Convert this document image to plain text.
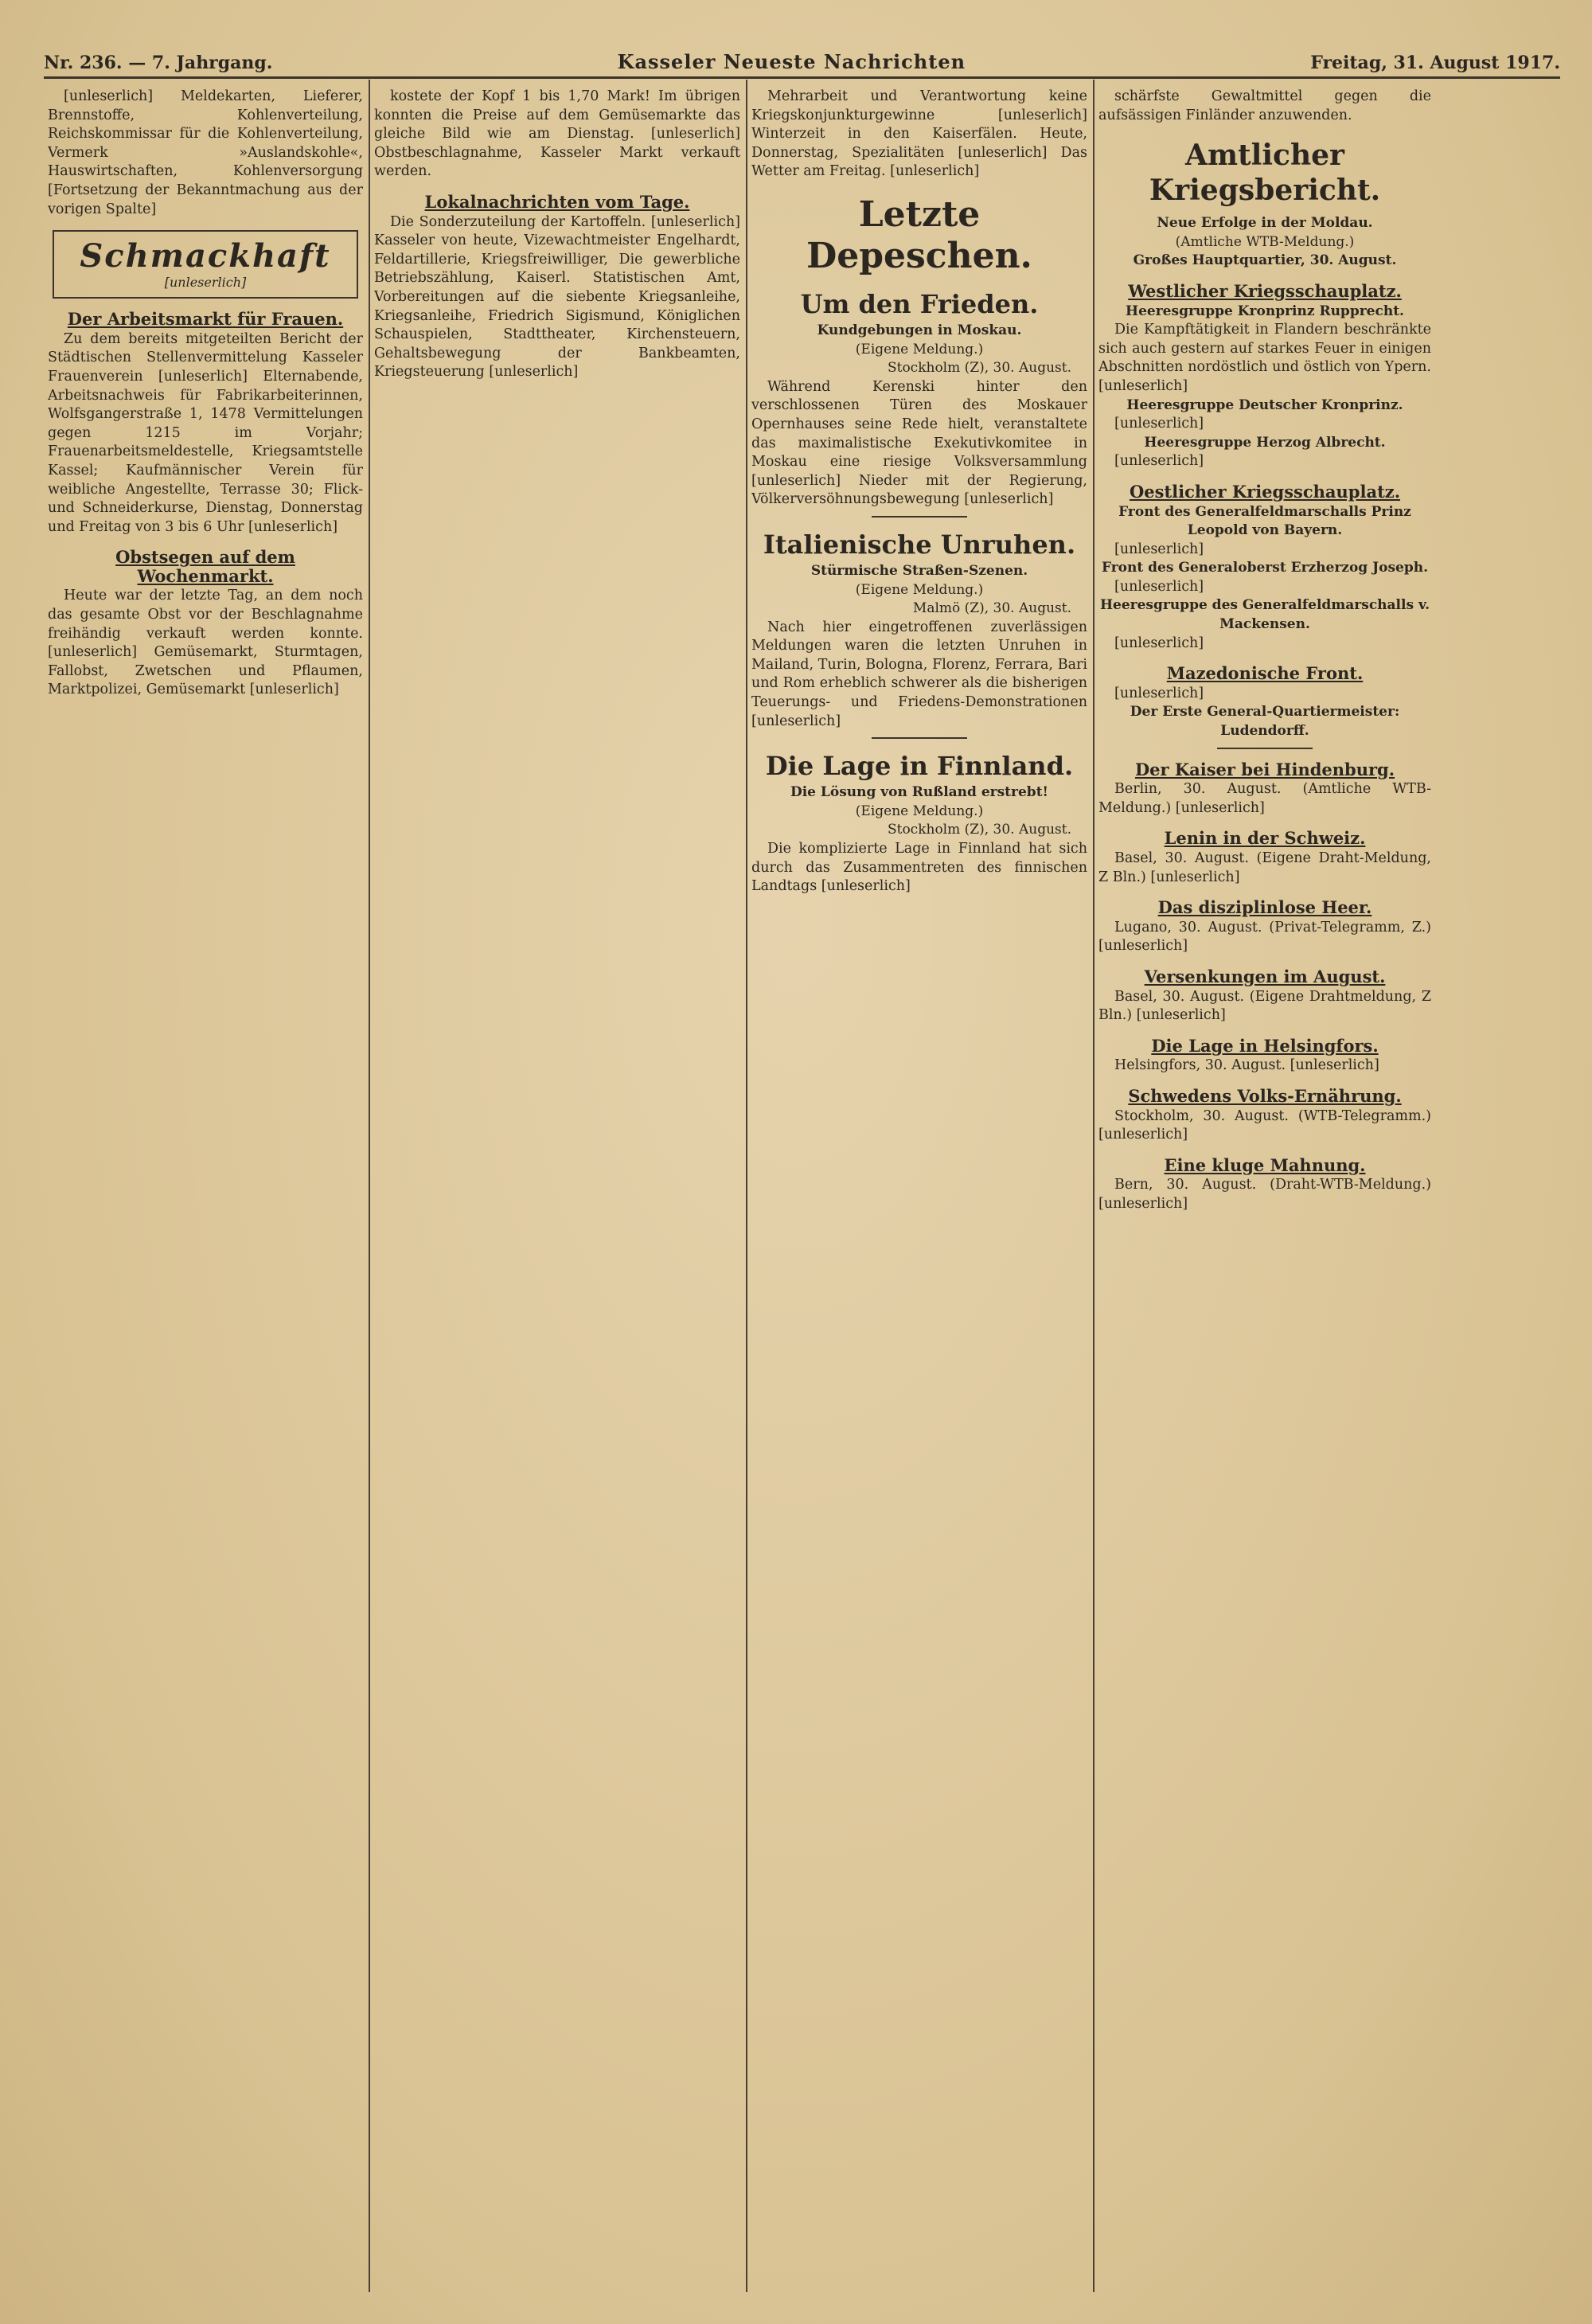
Nr. 236. — 7. Jahrgang.	Kasseler Neueste Nachrichten	Freitag, 31. August 1917.

[unleserlich] Meldekarten, Lieferer, Brennstoffe, Kohlenverteilung, Reichskommissar für die Kohlenverteilung, Vermerk »Auslandskohle«, Hauswirtschaften, Kohlenversorgung [Fortsetzung der Bekanntmachung aus der vorigen Spalte]

Schmackhaft
[unleserlich]
Der Arbeitsmarkt für Frauen.

Zu dem bereits mitgeteilten Bericht der Städtischen Stellenvermittelung Kasseler Frauenverein [unleserlich] Elternabende, Arbeitsnachweis für Fabrikarbeiterinnen, Wolfsgangerstraße 1, 1478 Vermittelungen gegen 1215 im Vorjahr; Frauenarbeitsmeldestelle, Kriegsamtstelle Kassel; Kaufmännischer Verein für weibliche Angestellte, Terrasse 30; Flick- und Schneiderkurse, Dienstag, Donnerstag und Freitag von 3 bis 6 Uhr [unleserlich]

Obstsegen auf dem Wochenmarkt.

Heute war der letzte Tag, an dem noch das gesamte Obst vor der Beschlagnahme freihändig verkauft werden konnte. [unleserlich] Gemüsemarkt, Sturmtagen, Fallobst, Zwetschen und Pflaumen, Marktpolizei, Gemüsemarkt [unleserlich]

kostete der Kopf 1 bis 1,70 Mark! Im übrigen konnten die Preise auf dem Gemüsemarkte das gleiche Bild wie am Dienstag. [unleserlich] Obstbeschlagnahme, Kasseler Markt verkauft werden.

Lokalnachrichten vom Tage.

Die Sonderzuteilung der Kartoffeln. [unleserlich] Kasseler von heute, Vizewachtmeister Engelhardt, Feldartillerie, Kriegsfreiwilliger, Die gewerbliche Betriebszählung, Kaiserl. Statistischen Amt, Vorbereitungen auf die siebente Kriegsanleihe, Kriegsanleihe, Friedrich Sigismund, Königlichen Schauspielen, Stadttheater, Kirchensteuern, Gehaltsbewegung der Bankbeamten, Kriegsteuerung [unleserlich]

Mehrarbeit und Verantwortung keine Kriegskonjunkturgewinne [unleserlich] Winterzeit in den Kaiserfälen. Heute, Donnerstag, Spezialitäten [unleserlich] Das Wetter am Freitag. [unleserlich]

Letzte Depeschen.
Um den Frieden.
Kundgebungen in Moskau.
(Eigene Meldung.)
Stockholm (Z), 30. August.

Während Kerenski hinter den verschlossenen Türen des Moskauer Opernhauses seine Rede hielt, veranstaltete das maximalistische Exekutivkomitee in Moskau eine riesige Volksversammlung [unleserlich] Nieder mit der Regierung, Völkerversöhnungsbewegung [unleserlich]

Italienische Unruhen.
Stürmische Straßen-Szenen.
(Eigene Meldung.)
Malmö (Z), 30. August.

Nach hier eingetroffenen zuverlässigen Meldungen waren die letzten Unruhen in Mailand, Turin, Bologna, Florenz, Ferrara, Bari und Rom erheblich schwerer als die bisherigen Teuerungs- und Friedens-Demonstrationen [unleserlich]

Die Lage in Finnland.
Die Lösung von Rußland erstrebt!
(Eigene Meldung.)
Stockholm (Z), 30. August.

Die komplizierte Lage in Finnland hat sich durch das Zusammentreten des finnischen Landtags [unleserlich]

schärfste Gewaltmittel gegen die aufsässigen Finländer anzuwenden.

Amtlicher Kriegsbericht.
Neue Erfolge in der Moldau.
(Amtliche WTB-Meldung.)
Großes Hauptquartier, 30. August.
Westlicher Kriegsschauplatz.
Heeresgruppe Kronprinz Rupprecht.

Die Kampftätigkeit in Flandern beschränkte sich auch gestern auf starkes Feuer in einigen Abschnitten nordöstlich und östlich von Ypern. [unleserlich]

Heeresgruppe Deutscher Kronprinz.

[unleserlich]

Heeresgruppe Herzog Albrecht.

[unleserlich]

Oestlicher Kriegsschauplatz.
Front des Generalfeldmarschalls Prinz Leopold von Bayern.

[unleserlich]

Front des Generaloberst Erzherzog Joseph.

[unleserlich]

Heeresgruppe des Generalfeldmarschalls v. Mackensen.

[unleserlich]

Mazedonische Front.

[unleserlich]

Der Erste General-Quartiermeister:
Ludendorff.
Der Kaiser bei Hindenburg.

Berlin, 30. August. (Amtliche WTB-Meldung.) [unleserlich]

Lenin in der Schweiz.

Basel, 30. August. (Eigene Draht-Meldung, Z Bln.) [unleserlich]

Das disziplinlose Heer.

Lugano, 30. August. (Privat-Telegramm, Z.) [unleserlich]

Versenkungen im August.

Basel, 30. August. (Eigene Drahtmeldung, Z Bln.) [unleserlich]

Die Lage in Helsingfors.

Helsingfors, 30. August. [unleserlich]

Schwedens Volks-Ernährung.

Stockholm, 30. August. (WTB-Telegramm.) [unleserlich]

Eine kluge Mahnung.

Bern, 30. August. (Draht-WTB-Meldung.) [unleserlich]
